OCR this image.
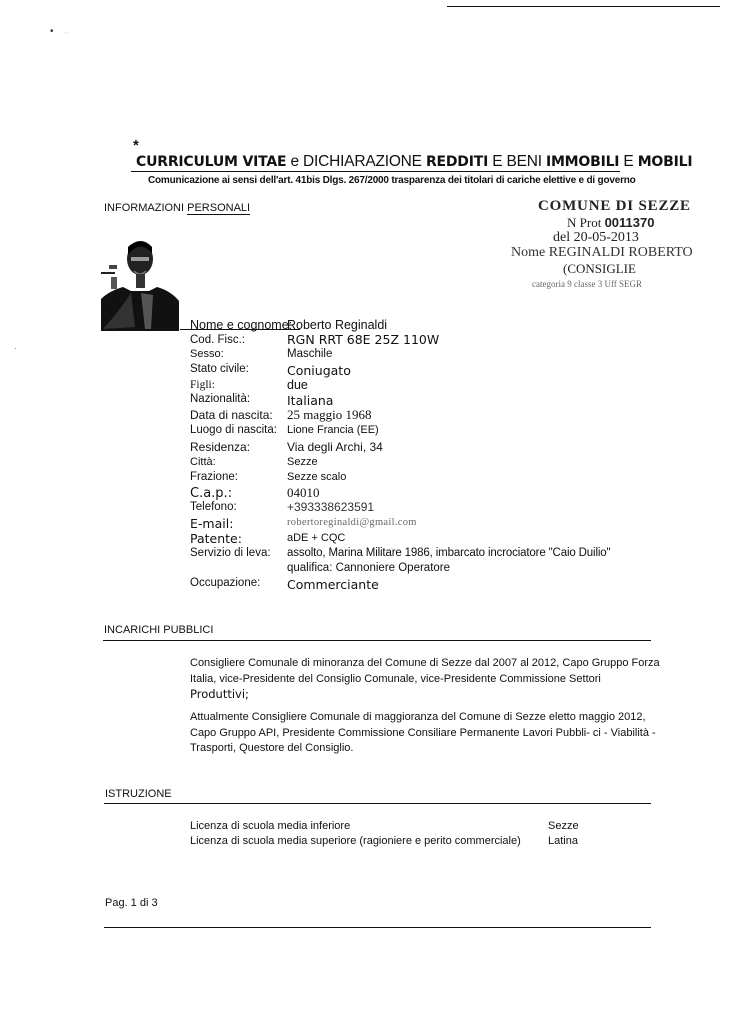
• ·.·
·
*
CURRICULUM VITAE e DICHIARAZIONE REDDITI E BENI IMMOBILI E MOBILI
Comunicazione ai sensi dell'art. 41bis Dlgs. 267/2000 trasparenza dei titolari di cariche elettive e di governo
INFORMAZIONI PERSONALI	COMUNE DI SEZZE
N Prot 0011370
del 20-05-2013
Nome REGINALDI ROBERTO
(CONSIGLIE
categoria 9 classe 3 Uff SEGR
Nome e cognome:
Roberto Reginaldi
Cod. Fisc.:	RGN RRT 68E 25Z 110W
Sesso:	Maschile
Stato civile:	Coniugato
Figli:	due
Nazionalità:	Italiana
Data di nascita: 25 maggio 1968
Luogo di nascita: Lione Francia (EE)
Residenza:	Via degli Archi, 34
Città:	Sezze
Frazione:	Sezze scalo
C.a.p.:	04010
Telefono:	+393338623591
E-mail:	robertoreginaldi@gmail.com
Patente:	aDE + CQC
Servizio di leva: assolto, Marina Militare 1986, imbarcato incrociatore "Caio Duilio"
qualifica: Cannoniere Operatore
Occupazione: Commerciante
INCARICHI PUBBLICI
Consigliere Comunale di minoranza del Comune di Sezze dal 2007 al 2012, Capo Gruppo Forza Italia, vice-Presidente del Consiglio Comunale, vice-Presidente Commissione Settori
Produttivi;
Attualmente Consigliere Comunale di maggioranza del Comune di Sezze eletto maggio 2012, Capo Gruppo API, Presidente Commissione Consiliare Permanente Lavori Pubbli- ci - Viabilità - Trasporti, Questore del Consiglio.
ISTRUZIONE
Licenza di scuola media inferiore	Sezze
Licenza di scuola media superiore (ragioniere e perito commerciale) Latina
Pag. 1 di 3
